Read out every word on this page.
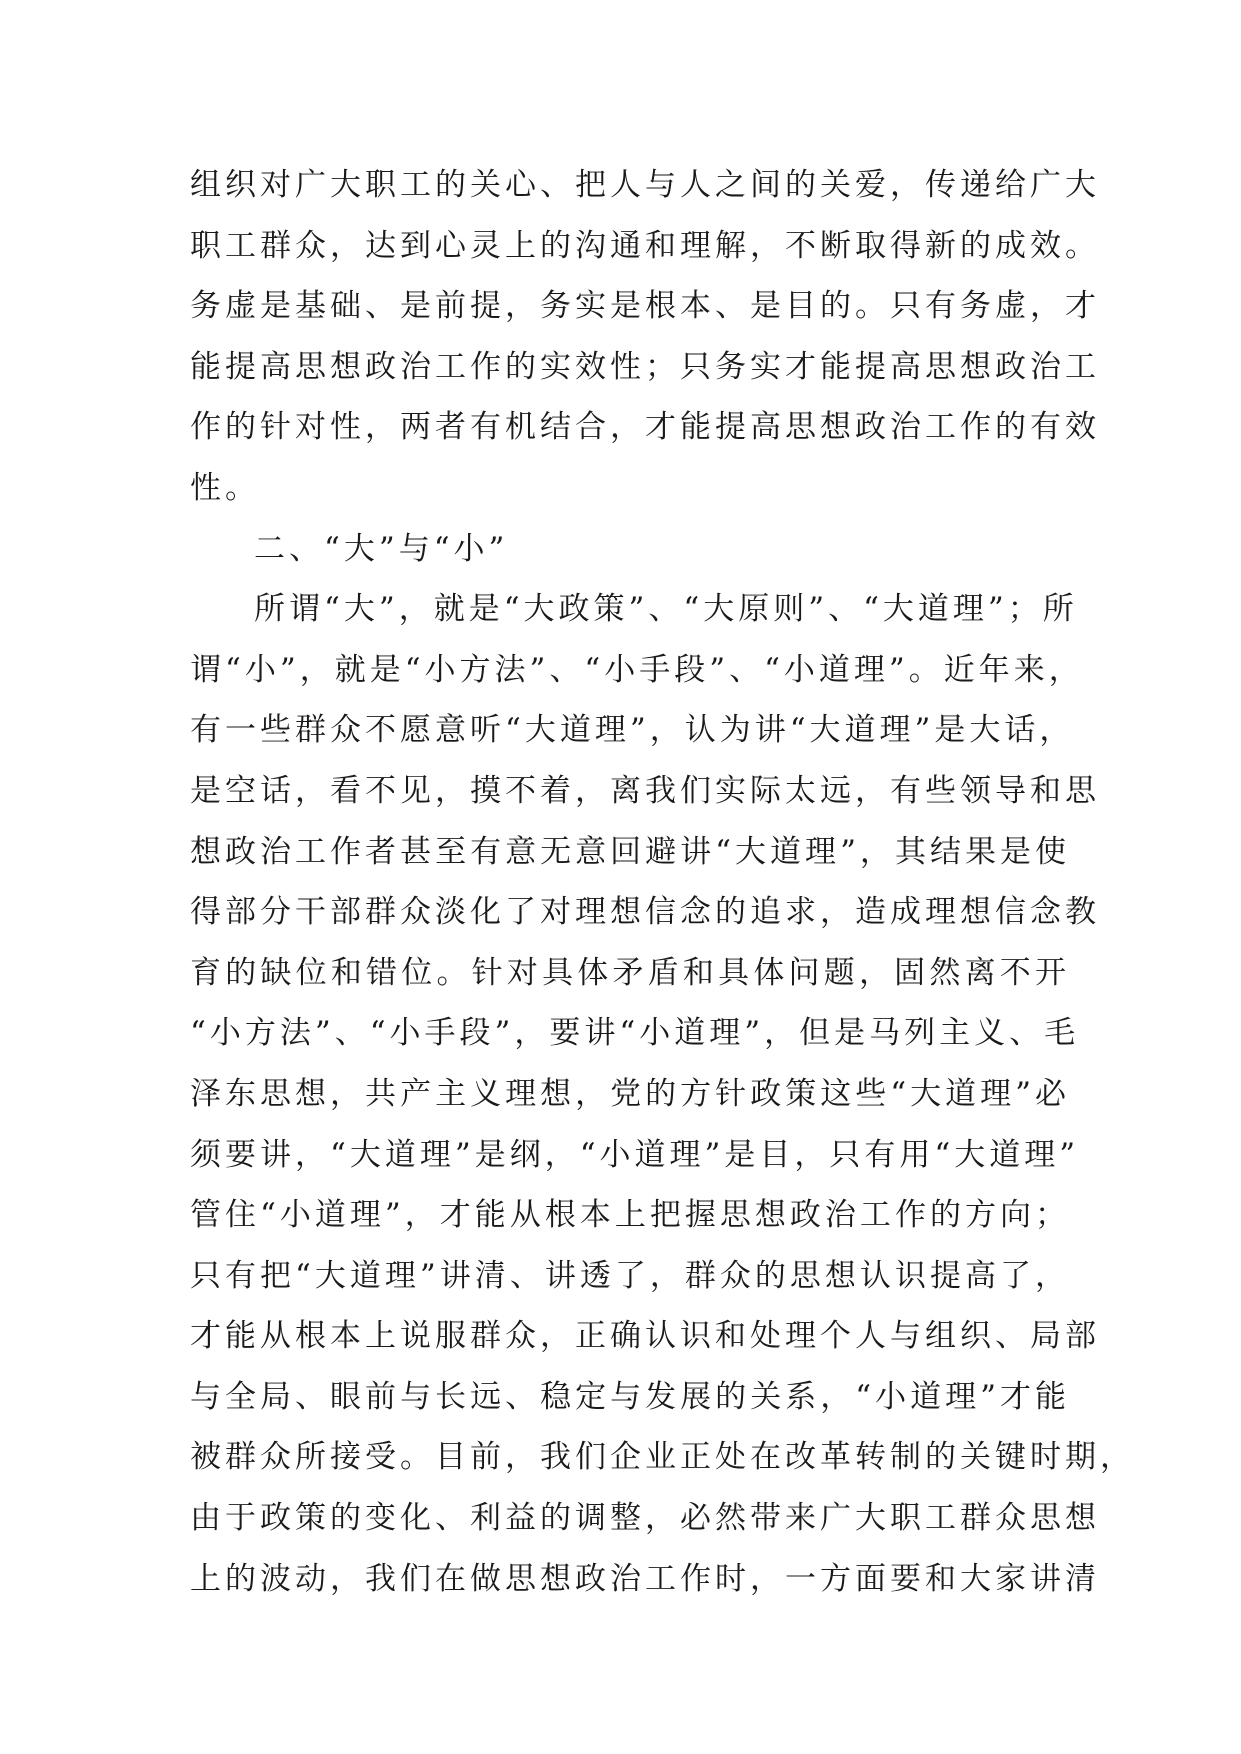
组织对广大职工的关心、把人与人之间的关爱，传递给广大
职工群众，达到心灵上的沟通和理解，不断取得新的成效。
务虚是基础、是前提，务实是根本、是目的。只有务虚，才
能提高思想政治工作的实效性；只务实才能提高思想政治工
作的针对性，两者有机结合，才能提高思想政治工作的有效
性。
二、“大”与“小”
所谓“大”，就是“大政策”、“大原则”、“大道理”；所
谓“小”，就是“小方法”、“小手段”、“小道理”。近年来，
有一些群众不愿意听“大道理”，认为讲“大道理”是大话，
是空话，看不见，摸不着，离我们实际太远，有些领导和思
想政治工作者甚至有意无意回避讲“大道理”，其结果是使
得部分干部群众淡化了对理想信念的追求，造成理想信念教
育的缺位和错位。针对具体矛盾和具体问题，固然离不开
“小方法”、“小手段”，要讲“小道理”，但是马列主义、毛
泽东思想，共产主义理想，党的方针政策这些“大道理”必
须要讲，“大道理”是纲，“小道理”是目，只有用“大道理”
管住“小道理”，才能从根本上把握思想政治工作的方向；
只有把“大道理”讲清、讲透了，群众的思想认识提高了，
才能从根本上说服群众，正确认识和处理个人与组织、局部
与全局、眼前与长远、稳定与发展的关系，“小道理”才能
被群众所接受。目前，我们企业正处在改革转制的关键时期，
由于政策的变化、利益的调整，必然带来广大职工群众思想
上的波动，我们在做思想政治工作时，一方面要和大家讲清
